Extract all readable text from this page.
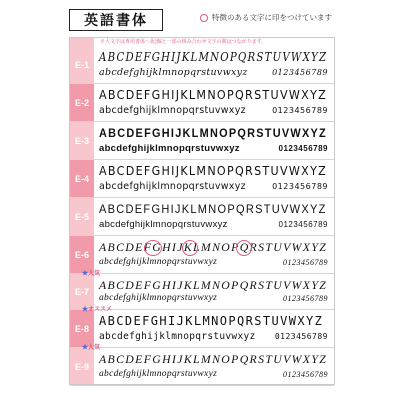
英語書体	特徴のある文字に印をつけています
E-1
ABCDEFGHIJKLMNOPQRSTUVWXYZ
abcdefghijklmnopqrstuvwxyz	0123456789
※大文字は専用書体〜仮)個と一部の組み合わせ文字の間はつながります。
E-2
ABCDEFGHIJKLMNOPQRSTUVWXYZ
abcdefghijklmnopqrstuvwxyz	0123456789
E-3
ABCDEFGHIJKLMNOPQRSTUVWXYZ
abcdefghijklmnopqrstuvwxyz	0123456789
E-4
ABCDEFGHIJKLMNOPQRSTUVWXYZ
abcdefghijklmnopqrstuvwxyz	0123456789
E-5
ABCDEFGHIJKLMNOPQRSTUVWXYZ
abcdefghijklmnopqrstuvwxyz	0123456789
E-6
ABCDEFGHIJKLMNOPQRSTUVWXYZ
abcdefghijklmnopqrstuvwxyz	0123456789
E-7 ABCDEFGHIJKLMNOPQRSTUVWXYZ
abcdefghijklmnopqrstuvwxyz	0123456789
★人気
E-8
ABCDEFGHIJKLMNOPQRSTUVWXYZ
abcdefghijklmnopqrstuvwxyz 0123456789
★オススメ
E-9
ABCDEFGHIJKLMNOPQRSTUVWXYZ
abcdefghijklmnopqrstuvwxyz	0123456789
★人気
